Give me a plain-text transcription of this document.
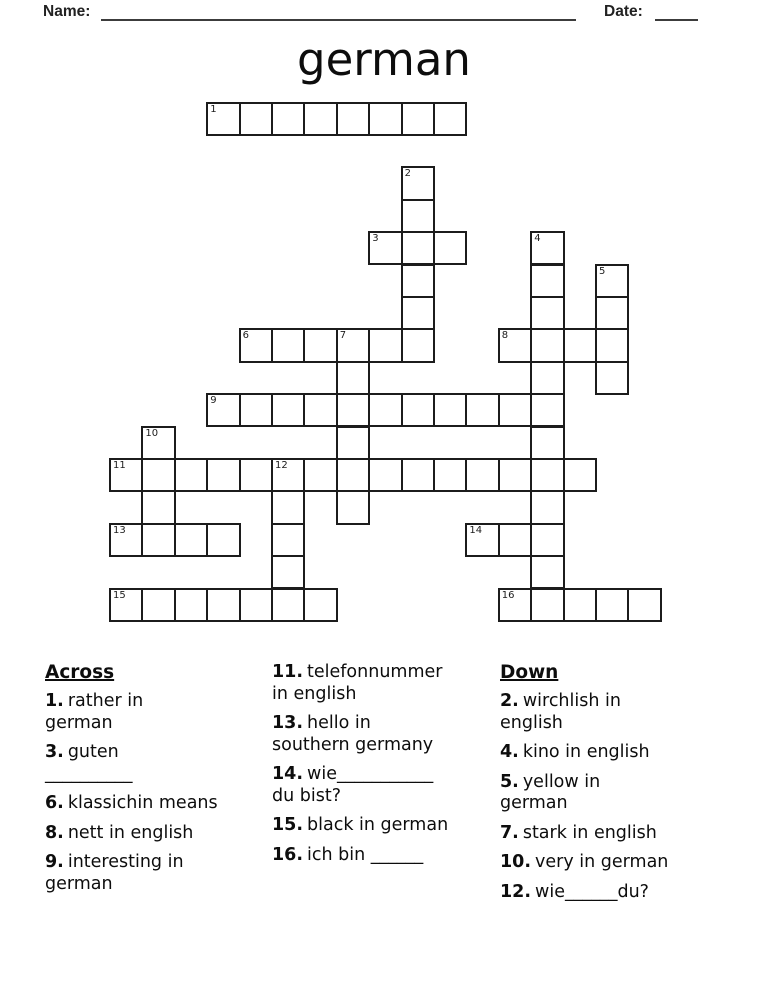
Name:	Date:
german
1
2
3	4
5
6	7	8
9
10
11	12
13	14
15	16
Across
1. rather in
german
3. guten
__________
6. klassichin means
8. nett in english
9. interesting in
german
11. telefonnummer
in english
13. hello in
southern germany
14. wie___________
du bist?
15. black in german
16. ich bin ______
Down
2. wirchlish in
english
4. kino in english
5. yellow in
german
7. stark in english
10. very in german
12. wie______du?
